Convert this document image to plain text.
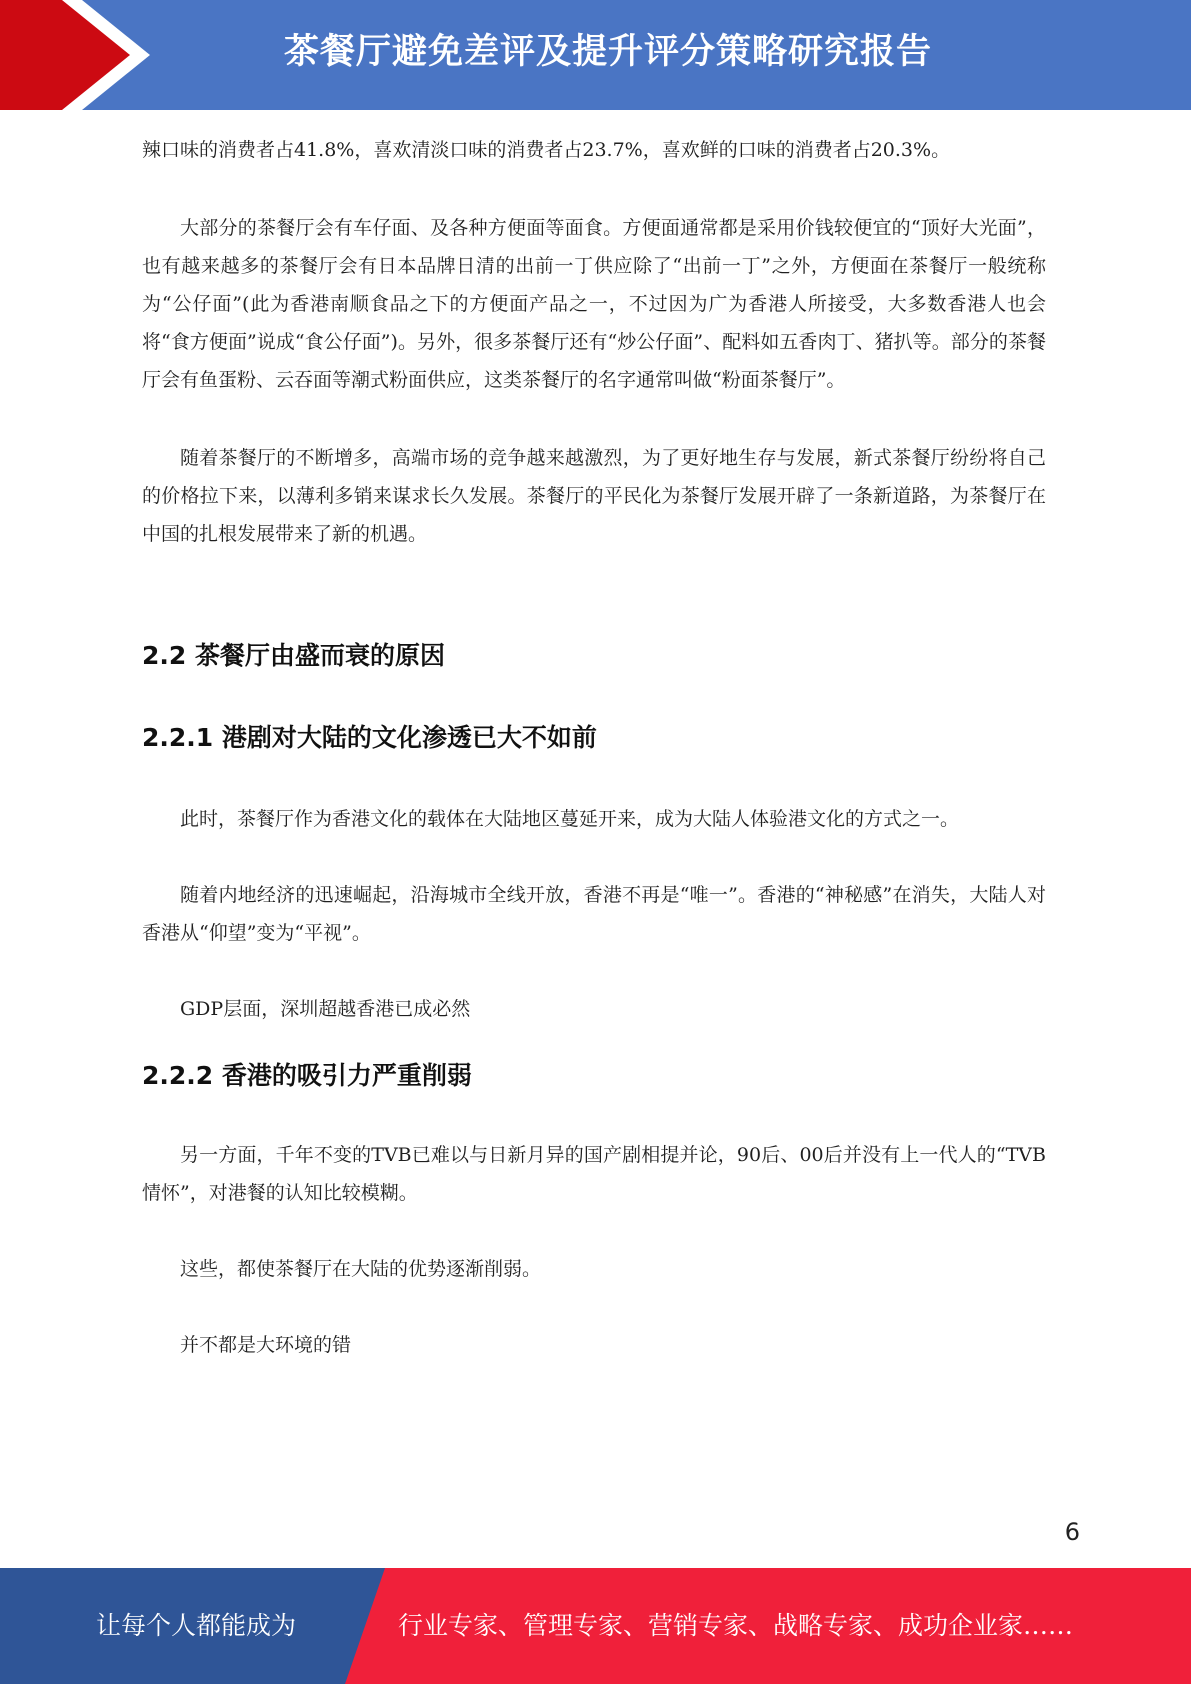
茶餐厅避免差评及提升评分策略研究报告

辣口味的消费者占41.8%，喜欢清淡口味的消费者占23.7%，喜欢鲜的口味的消费者占20.3%。

大部分的茶餐厅会有车仔面、及各种方便面等面食。方便面通常都是采用价钱较便宜的“顶好大光面”，也有越来越多的茶餐厅会有日本品牌日清的出前一丁供应除了“出前一丁”之外，方便面在茶餐厅一般统称为“公仔面”(此为香港南顺食品之下的方便面产品之一，不过因为广为香港人所接受，大多数香港人也会将“食方便面”说成“食公仔面”)。另外，很多茶餐厅还有“炒公仔面”、配料如五香肉丁、猪扒等。部分的茶餐厅会有鱼蛋粉、云吞面等潮式粉面供应，这类茶餐厅的名字通常叫做“粉面茶餐厅”。

随着茶餐厅的不断增多，高端市场的竞争越来越激烈，为了更好地生存与发展，新式茶餐厅纷纷将自己的价格拉下来，以薄利多销来谋求长久发展。茶餐厅的平民化为茶餐厅发展开辟了一条新道路，为茶餐厅在中国的扎根发展带来了新的机遇。

2.2 茶餐厅由盛而衰的原因
2.2.1 港剧对大陆的文化渗透已大不如前

此时，茶餐厅作为香港文化的载体在大陆地区蔓延开来，成为大陆人体验港文化的方式之一。

随着内地经济的迅速崛起，沿海城市全线开放，香港不再是“唯一”。香港的“神秘感”在消失，大陆人对香港从“仰望”变为“平视”。

GDP层面，深圳超越香港已成必然

2.2.2 香港的吸引力严重削弱

另一方面，千年不变的TVB已难以与日新月异的国产剧相提并论，90后、00后并没有上一代人的“TVB情怀”，对港餐的认知比较模糊。

这些，都使茶餐厅在大陆的优势逐渐削弱。

并不都是大环境的错

6
让每个人都能成为	行业专家、管理专家、营销专家、战略专家、成功企业家……
